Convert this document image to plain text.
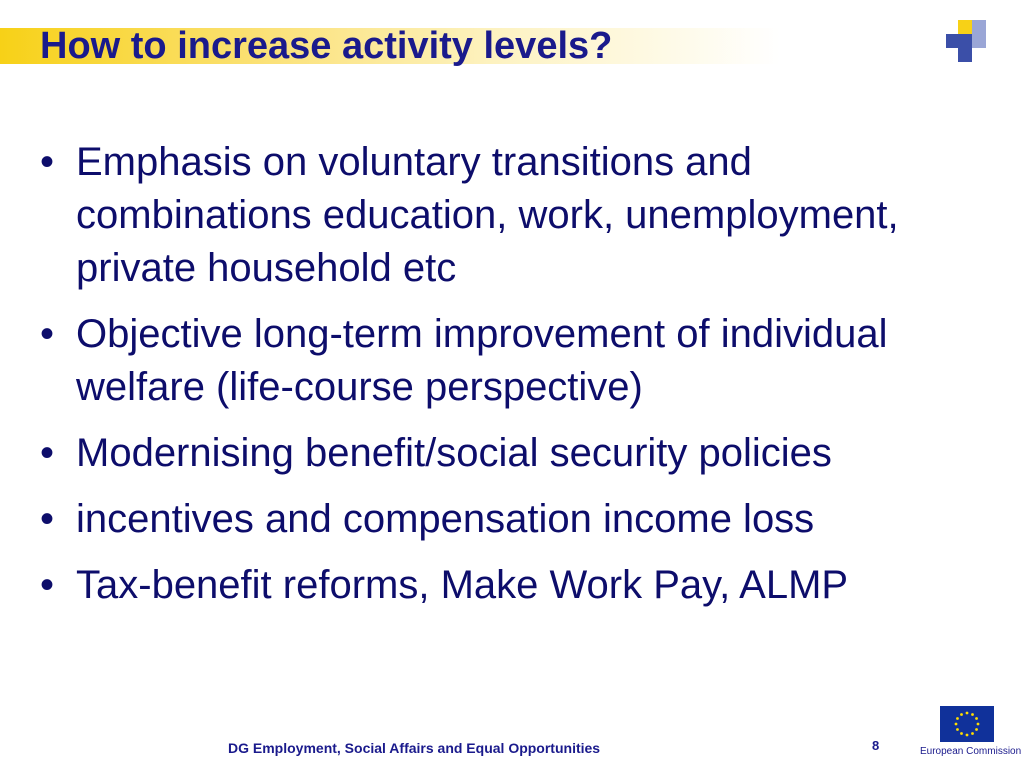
How to increase activity levels?
• Emphasis on voluntary transitions and combinations education, work, unemployment, private household etc
• Objective long-term improvement of individual welfare (life-course perspective)
• Modernising benefit/social security policies
• incentives and compensation income loss
• Tax-benefit reforms, Make Work Pay, ALMP
DG Employment, Social Affairs and Equal Opportunities	8	European Commission
